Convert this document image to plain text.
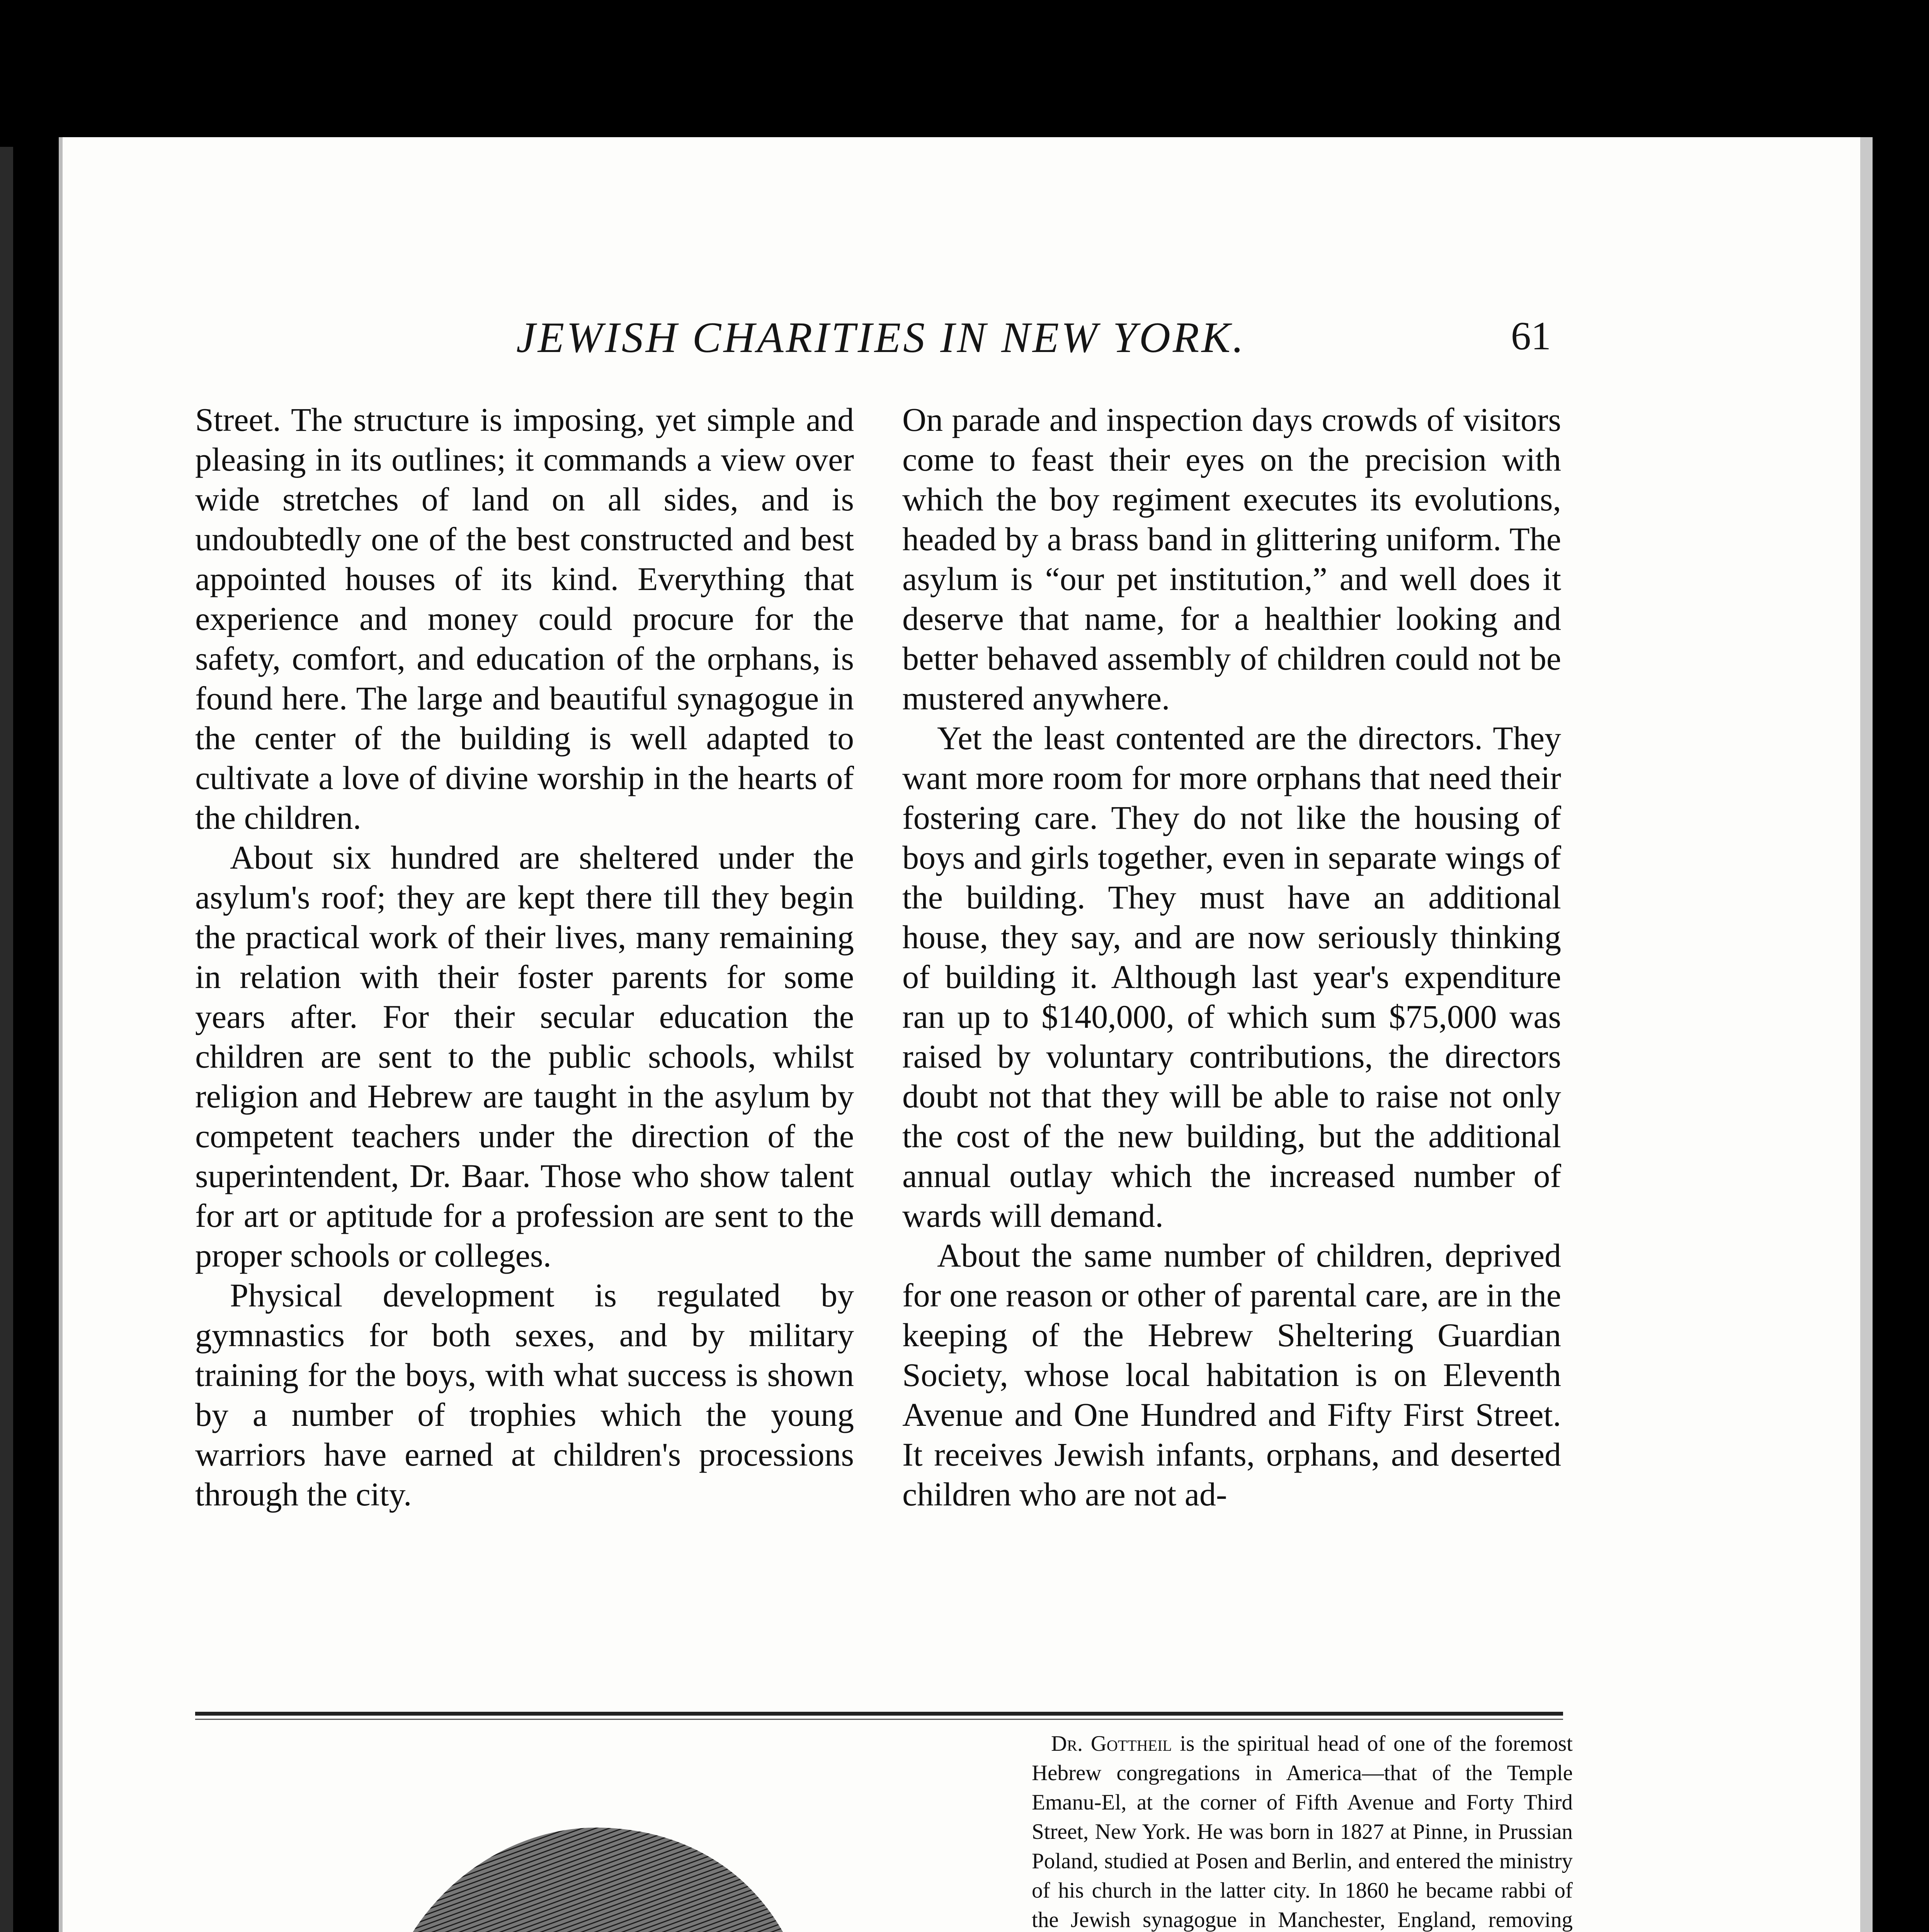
JEWISH CHARITIES IN NEW YORK.	61

Street. The structure is imposing, yet simple and pleasing in its outlines; it commands a view over wide stretches of land on all sides, and is undoubtedly one of the best constructed and best appointed houses of its kind. Everything that experience and money could procure for the safety, comfort, and education of the orphans, is found here. The large and beautiful synagogue in the center of the building is well adapted to cultivate a love of divine worship in the hearts of the children.

About six hundred are sheltered under the asylum's roof; they are kept there till they begin the practical work of their lives, many remaining in relation with their foster parents for some years after. For their secular education the children are sent to the public schools, whilst religion and Hebrew are taught in the asylum by competent teachers under the direction of the superintendent, Dr. Baar. Those who show talent for art or aptitude for a profession are sent to the proper schools or colleges.

Physical development is regulated by gymnastics for both sexes, and by military training for the boys, with what success is shown by a number of trophies which the young warriors have earned at children's processions through the city.

On parade and inspection days crowds of visitors come to feast their eyes on the precision with which the boy regiment executes its evolutions, headed by a brass band in glittering uniform. The asylum is “our pet institution,” and well does it deserve that name, for a healthier looking and better behaved assembly of children could not be mustered anywhere.

Yet the least contented are the directors. They want more room for more orphans that need their fostering care. They do not like the housing of boys and girls together, even in separate wings of the building. They must have an additional house, they say, and are now seriously thinking of building it. Although last year's expenditure ran up to $140,000, of which sum $75,000 was raised by voluntary contributions, the directors doubt not that they will be able to raise not only the cost of the new building, but the additional annual outlay which the increased number of wards will demand.

About the same number of children, deprived for one reason or other of parental care, are in the keeping of the Hebrew Sheltering Guardian Society, whose local habitation is on Eleventh Avenue and One Hundred and Fifty First Street. It receives Jewish infants, orphans, and deserted children who are not ad-

Dr. Gottheil is the spiritual head of one of the foremost Hebrew congregations in America—that of the Temple Emanu-El, at the corner of Fifth Avenue and Forty Third Street, New York. He was born in 1827 at Pinne, in Prussian Poland, studied at Posen and Berlin, and entered the ministry of his church in the latter city. In 1860 he became rabbi of the Jewish synagogue in Manchester, England, removing
